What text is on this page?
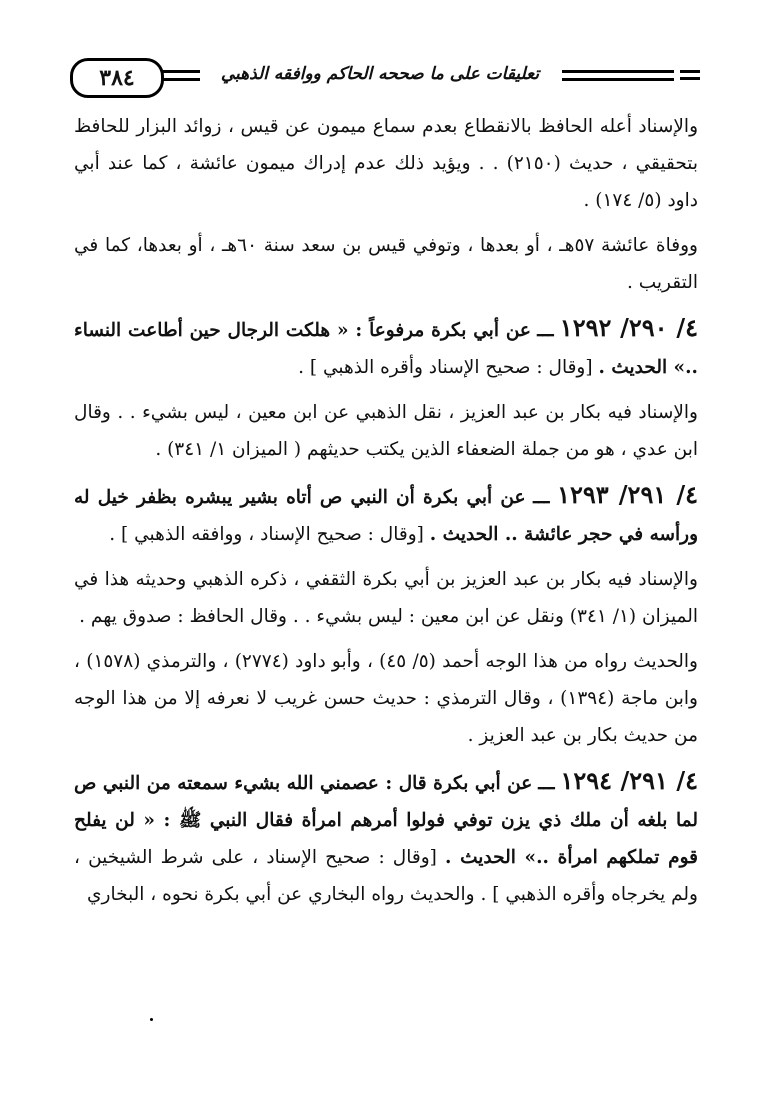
٣٨٤	تعليقات على ما صححه الحاكم ووافقه الذهبي

والإسناد أعله الحافظ بالانقطاع بعدم سماع ميمون عن قيس ، زوائد البزار للحافظ بتحقيقي ، حديث (٢١٥٠) . . ويؤيد ذلك عدم إدراك ميمون عائشة ، كما عند أبي داود (٥/ ١٧٤) .

ووفاة عائشة ٥٧هـ ، أو بعدها ، وتوفي قيس بن سعد سنة ٦٠هـ ، أو بعدها، كما في التقريب .

٤/ ٢٩٠/ ١٢٩٢ ـــ عن أبي بكرة مرفوعاً : « هلكت الرجال حين أطاعت النساء ..» الحديث . [وقال : صحيح الإسناد وأقره الذهبي ] .

والإسناد فيه بكار بن عبد العزيز ، نقل الذهبي عن ابن معين ، ليس بشيء . . وقال ابن عدي ، هو من جملة الضعفاء الذين يكتب حديثهم ( الميزان ١/ ٣٤١) .

٤/ ٢٩١/ ١٢٩٣ ـــ عن أبي بكرة أن النبي ص أتاه بشير يبشره بظفر خيل له ورأسه في حجر عائشة .. الحديث . [وقال : صحيح الإسناد ، ووافقه الذهبي ] .

والإسناد فيه بكار بن عبد العزيز بن أبي بكرة الثقفي ، ذكره الذهبي وحديثه هذا في الميزان (١/ ٣٤١) ونقل عن ابن معين : ليس بشيء . . وقال الحافظ : صدوق يهم .

والحديث رواه من هذا الوجه أحمد (٥/ ٤٥) ، وأبو داود (٢٧٧٤) ، والترمذي (١٥٧٨) ، وابن ماجة (١٣٩٤) ، وقال الترمذي : حديث حسن غريب لا نعرفه إلا من هذا الوجه من حديث بكار بن عبد العزيز .

٤/ ٢٩١/ ١٢٩٤ ـــ عن أبي بكرة قال : عصمني الله بشيء سمعته من النبي ص لما بلغه أن ملك ذي يزن توفي فولوا أمرهم امرأة فقال النبي ﷺ : « لن يفلح قوم تملكهم امرأة ..» الحديث . [وقال : صحيح الإسناد ، على شرط الشيخين ، ولم يخرجاه وأقره الذهبي ] . والحديث رواه البخاري عن أبي بكرة نحوه ، البخاري
